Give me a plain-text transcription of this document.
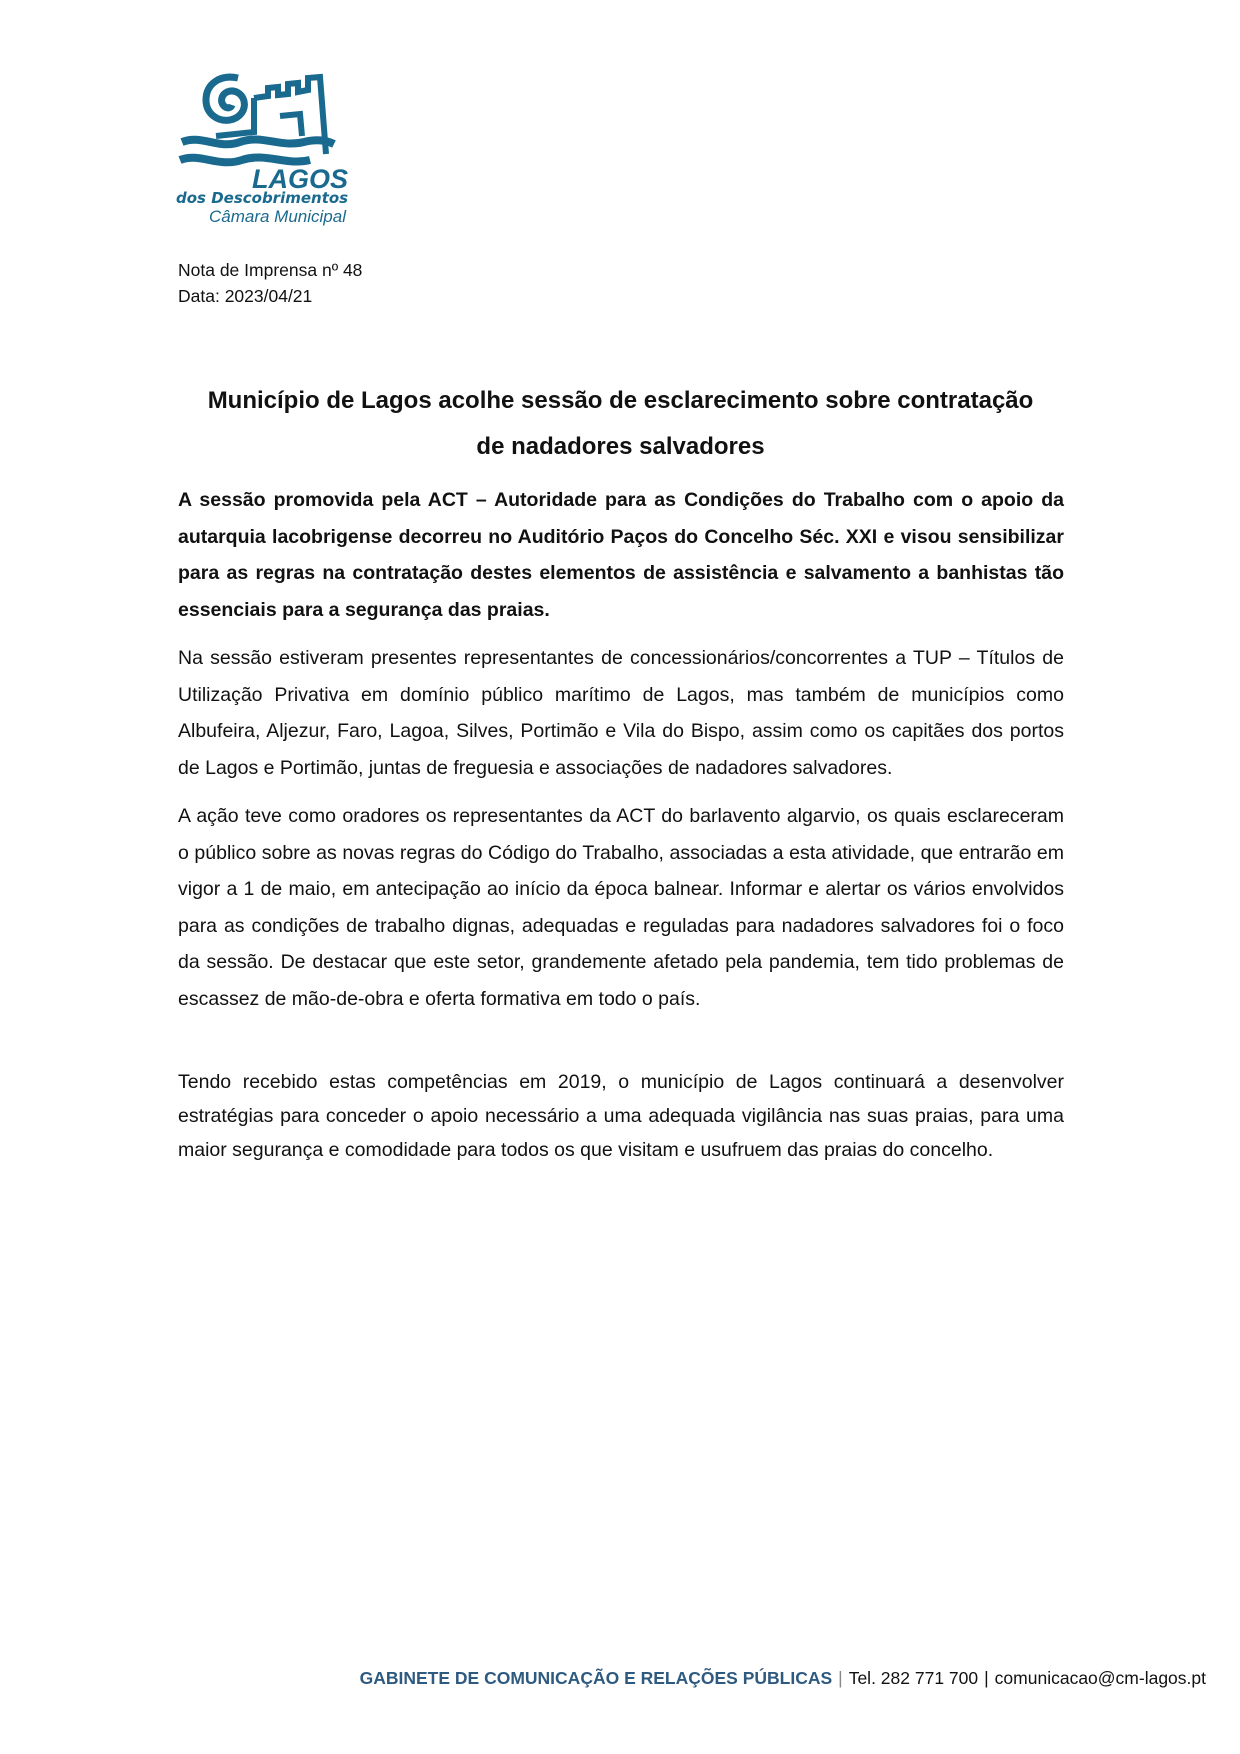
LAGOS
dos Descobrimentos
Câmara Municipal
Nota de Imprensa nº 48
Data: 2023/04/21
Município de Lagos acolhe sessão de esclarecimento sobre contratação
de nadadores salvadores
A sessão promovida pela ACT – Autoridade para as Condições do Trabalho com o apoio da autarquia lacobrigense decorreu no Auditório Paços do Concelho Séc. XXI e visou sensibilizar para as regras na contratação destes elementos de assistência e salvamento a banhistas tão essenciais para a segurança das praias.
Na sessão estiveram presentes representantes de concessionários/concorrentes a TUP – Títulos de Utilização Privativa em domínio público marítimo de Lagos, mas também de municípios como Albufeira, Aljezur, Faro, Lagoa, Silves, Portimão e Vila do Bispo, assim como os capitães dos portos de Lagos e Portimão, juntas de freguesia e associações de nadadores salvadores.
A ação teve como oradores os representantes da ACT do barlavento algarvio, os quais esclareceram o público sobre as novas regras do Código do Trabalho, associadas a esta atividade, que entrarão em vigor a 1 de maio, em antecipação ao início da época balnear. Informar e alertar os vários envolvidos para as condições de trabalho dignas, adequadas e reguladas para nadadores salvadores foi o foco da sessão. De destacar que este setor, grandemente afetado pela pandemia, tem tido problemas de escassez de mão-de-obra e oferta formativa em todo o país.
Tendo recebido estas competências em 2019, o município de Lagos continuará a desenvolver estratégias para conceder o apoio necessário a uma adequada vigilância nas suas praias, para uma maior segurança e comodidade para todos os que visitam e usufruem das praias do concelho.
GABINETE DE COMUNICAÇÃO E RELAÇÕES PÚBLICAS | Tel. 282 771 700 | comunicacao@cm-lagos.pt
